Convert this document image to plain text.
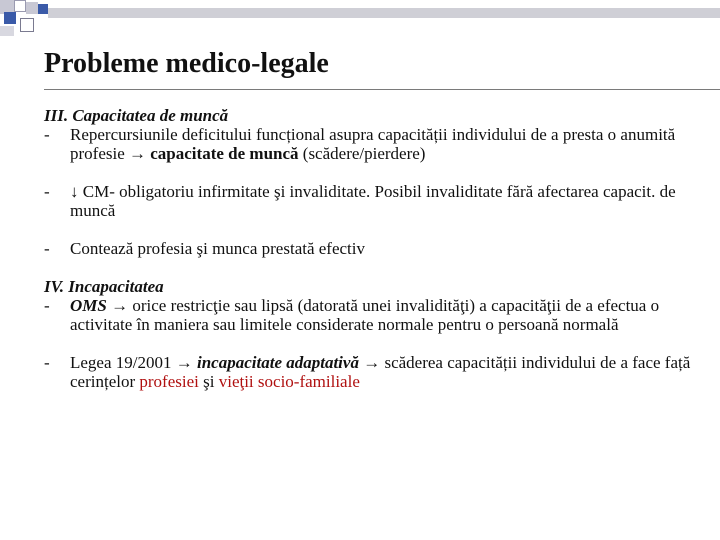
Probleme medico-legale
III. Capacitatea de muncă
-	Repercursiunile deficitului funcțional asupra capacității individului de a presta o anumită profesie → capacitate de muncă (scădere/pierdere)
-	↓ CM- obligatoriu infirmitate şi invaliditate. Posibil invaliditate fără afectarea capacit. de muncă
-	Contează profesia şi munca prestată efectiv
IV. Incapacitatea
-	OMS → orice restricţie sau lipsă (datorată unei invalidităţi) a capacităţii de a efectua o activitate în maniera sau limitele considerate normale pentru o persoană normală
-	Legea 19/2001 → incapacitate adaptativă → scăderea capacității individului de a face față cerințelor profesiei şi vieţii socio-familiale
